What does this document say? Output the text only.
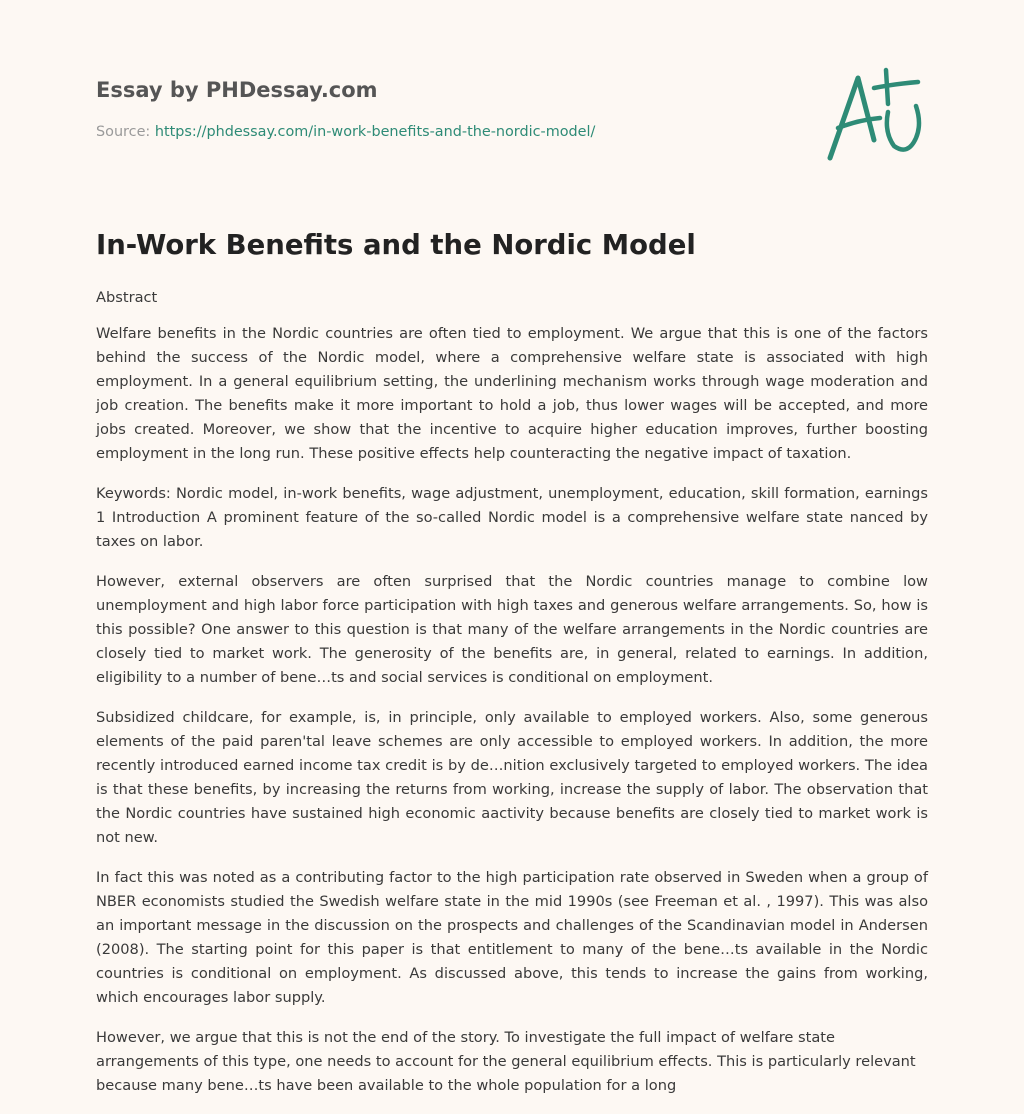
Essay by PHDessay.com

Source: https://phdessay.com/in-work-benefits-and-the-nordic-model/
In-Work Benefits and the Nordic Model

Abstract

Welfare benefits in the Nordic countries are often tied to employment. We argue that this is one of the factors behind the success of the Nordic model, where a comprehensive welfare state is associated with high employment. In a general equilibrium setting, the underlining mechanism works through wage moderation and job creation. The benefits make it more important to hold a job, thus lower wages will be accepted, and more jobs created. Moreover, we show that the incentive to acquire higher education improves, further boosting employment in the long run. These positive eﬀects help counteracting the negative impact of taxation.

Keywords: Nordic model, in-work benefits, wage adjustment, unemployment, education, skill formation, earnings 1 Introduction A prominent feature of the so-called Nordic model is a comprehensive welfare state nanced by taxes on labor.

However, external observers are often surprised that the Nordic countries manage to combine low unemployment and high labor force participation with high taxes and generous welfare arrangements. So, how is this possible? One answer to this question is that many of the welfare arrangements in the Nordic countries are closely tied to market work. The generosity of the benefits are, in general, related to earnings. In addition, eligibility to a number of bene…ts and social services is conditional on employment.

Subsidized childcare, for example, is, in principle, only available to employed workers. Also, some generous elements of the paid paren'tal leave schemes are only accessible to employed workers. In addition, the more recently introduced earned income tax credit is by de…nition exclusively targeted to employed workers. The idea is that these benefits, by increasing the returns from working, increase the supply of labor. The observation that the Nordic countries have sustained high economic aactivity because benefits are closely tied to market work is not new.

In fact this was noted as a contributing factor to the high participation rate observed in Sweden when a group of NBER economists studied the Swedish welfare state in the mid 1990s (see Freeman et al. , 1997). This was also an important message in the discussion on the prospects and challenges of the Scandinavian model in Andersen (2008). The starting point for this paper is that entitlement to many of the bene…ts available in the Nordic countries is conditional on employment. As discussed above, this tends to increase the gains from working, which encourages labor supply.

However, we argue that this is not the end of the story. To investigate the full impact of welfare state arrangements of this type, one needs to account for the general equilibrium eﬀects. This is particularly relevant because many bene…ts have been available to the whole population for a long
